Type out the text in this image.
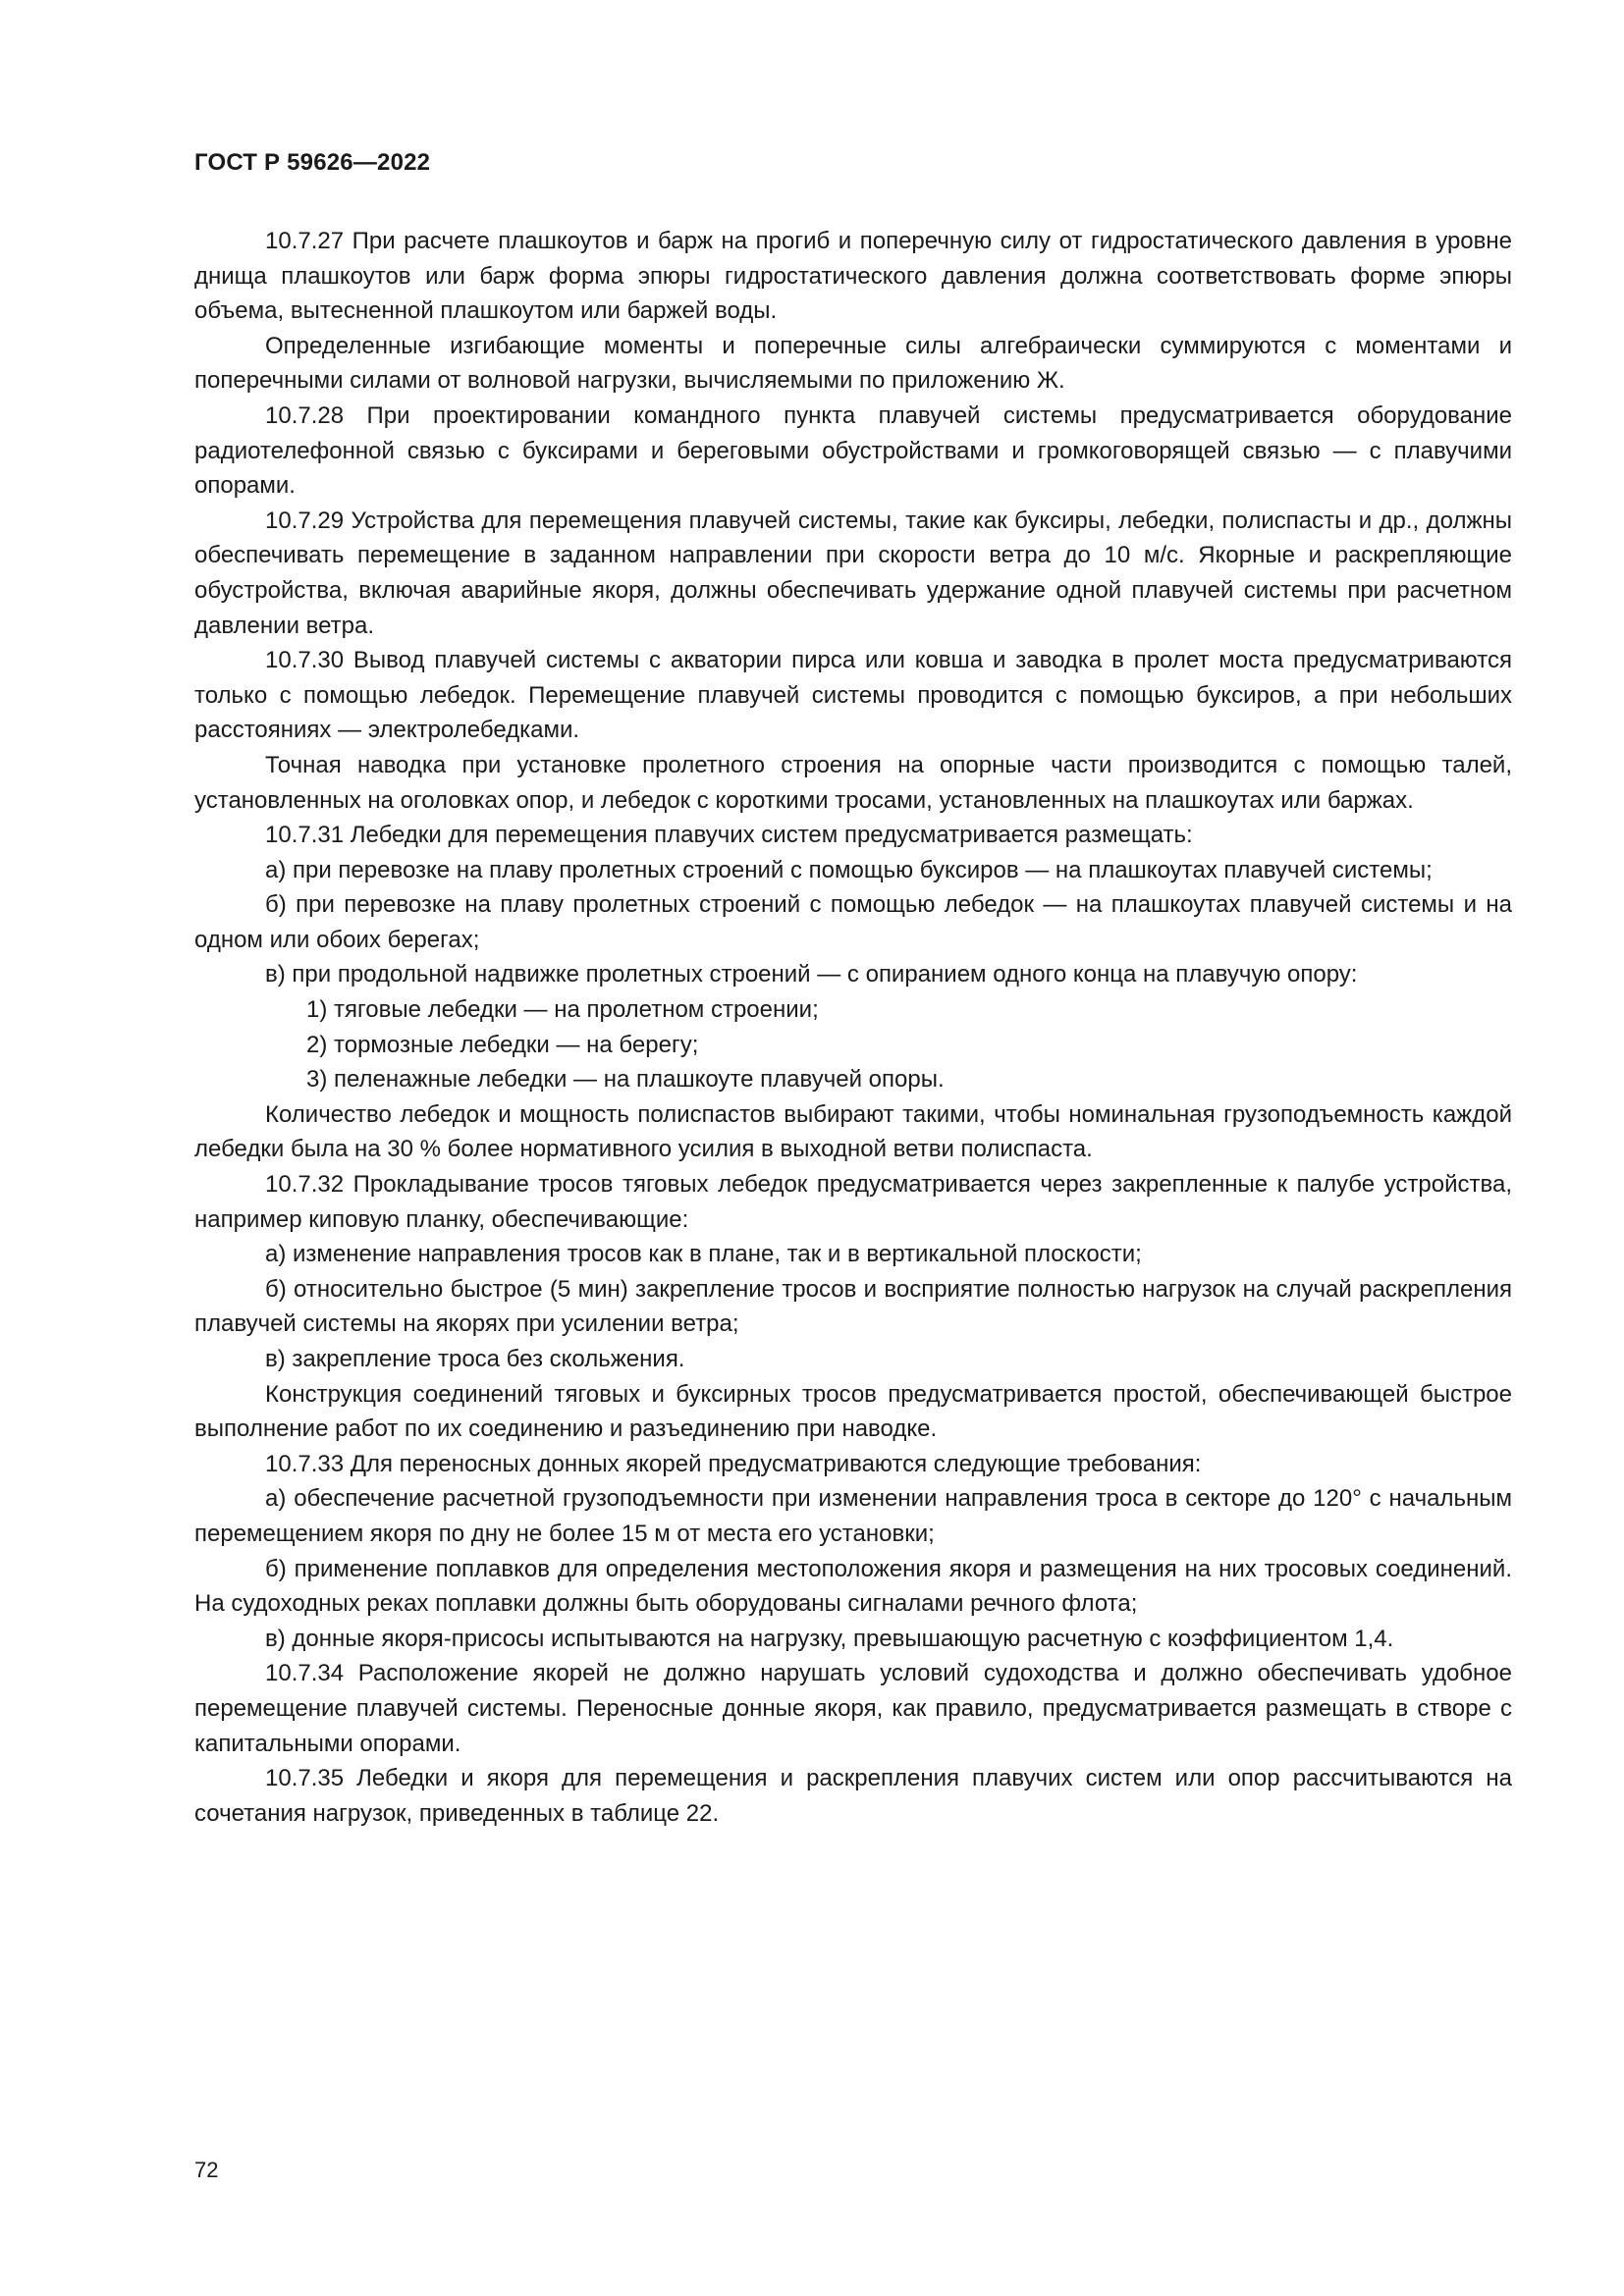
ГОСТ Р 59626—2022

10.7.27 При расчете плашкоутов и барж на прогиб и поперечную силу от гидростатического давления в уровне днища плашкоутов или барж форма эпюры гидростатического давления должна соответствовать форме эпюры объема, вытесненной плашкоутом или баржей воды.

Определенные изгибающие моменты и поперечные силы алгебраически суммируются с моментами и поперечными силами от волновой нагрузки, вычисляемыми по приложению Ж.

10.7.28 При проектировании командного пункта плавучей системы предусматривается оборудование радиотелефонной связью с буксирами и береговыми обустройствами и громкоговорящей связью — с плавучими опорами.

10.7.29 Устройства для перемещения плавучей системы, такие как буксиры, лебедки, полиспасты и др., должны обеспечивать перемещение в заданном направлении при скорости ветра до 10 м/с. Якорные и раскрепляющие обустройства, включая аварийные якоря, должны обеспечивать удержание одной плавучей системы при расчетном давлении ветра.

10.7.30 Вывод плавучей системы с акватории пирса или ковша и заводка в пролет моста предусматриваются только с помощью лебедок. Перемещение плавучей системы проводится с помощью буксиров, а при небольших расстояниях — электролебедками.

Точная наводка при установке пролетного строения на опорные части производится с помощью талей, установленных на оголовках опор, и лебедок с короткими тросами, установленных на плашкоутах или баржах.

10.7.31 Лебедки для перемещения плавучих систем предусматривается размещать:

а) при перевозке на плаву пролетных строений с помощью буксиров — на плашкоутах плавучей системы;

б) при перевозке на плаву пролетных строений с помощью лебедок — на плашкоутах плавучей системы и на одном или обоих берегах;

в) при продольной надвижке пролетных строений — с опиранием одного конца на плавучую опору:

1) тяговые лебедки — на пролетном строении;

2) тормозные лебедки — на берегу;

3) пеленажные лебедки — на плашкоуте плавучей опоры.

Количество лебедок и мощность полиспастов выбирают такими, чтобы номинальная грузоподъемность каждой лебедки была на 30 % более нормативного усилия в выходной ветви полиспаста.

10.7.32 Прокладывание тросов тяговых лебедок предусматривается через закрепленные к палубе устройства, например киповую планку, обеспечивающие:

а) изменение направления тросов как в плане, так и в вертикальной плоскости;

б) относительно быстрое (5 мин) закрепление тросов и восприятие полностью нагрузок на случай раскрепления плавучей системы на якорях при усилении ветра;

в) закрепление троса без скольжения.

Конструкция соединений тяговых и буксирных тросов предусматривается простой, обеспечивающей быстрое выполнение работ по их соединению и разъединению при наводке.

10.7.33 Для переносных донных якорей предусматриваются следующие требования:

а) обеспечение расчетной грузоподъемности при изменении направления троса в секторе до 120° с начальным перемещением якоря по дну не более 15 м от места его установки;

б) применение поплавков для определения местоположения якоря и размещения на них тросовых соединений. На судоходных реках поплавки должны быть оборудованы сигналами речного флота;

в) донные якоря-присосы испытываются на нагрузку, превышающую расчетную с коэффициентом 1,4.

10.7.34 Расположение якорей не должно нарушать условий судоходства и должно обеспечивать удобное перемещение плавучей системы. Переносные донные якоря, как правило, предусматривается размещать в створе с капитальными опорами.

10.7.35 Лебедки и якоря для перемещения и раскрепления плавучих систем или опор рассчитываются на сочетания нагрузок, приведенных в таблице 22.

72
